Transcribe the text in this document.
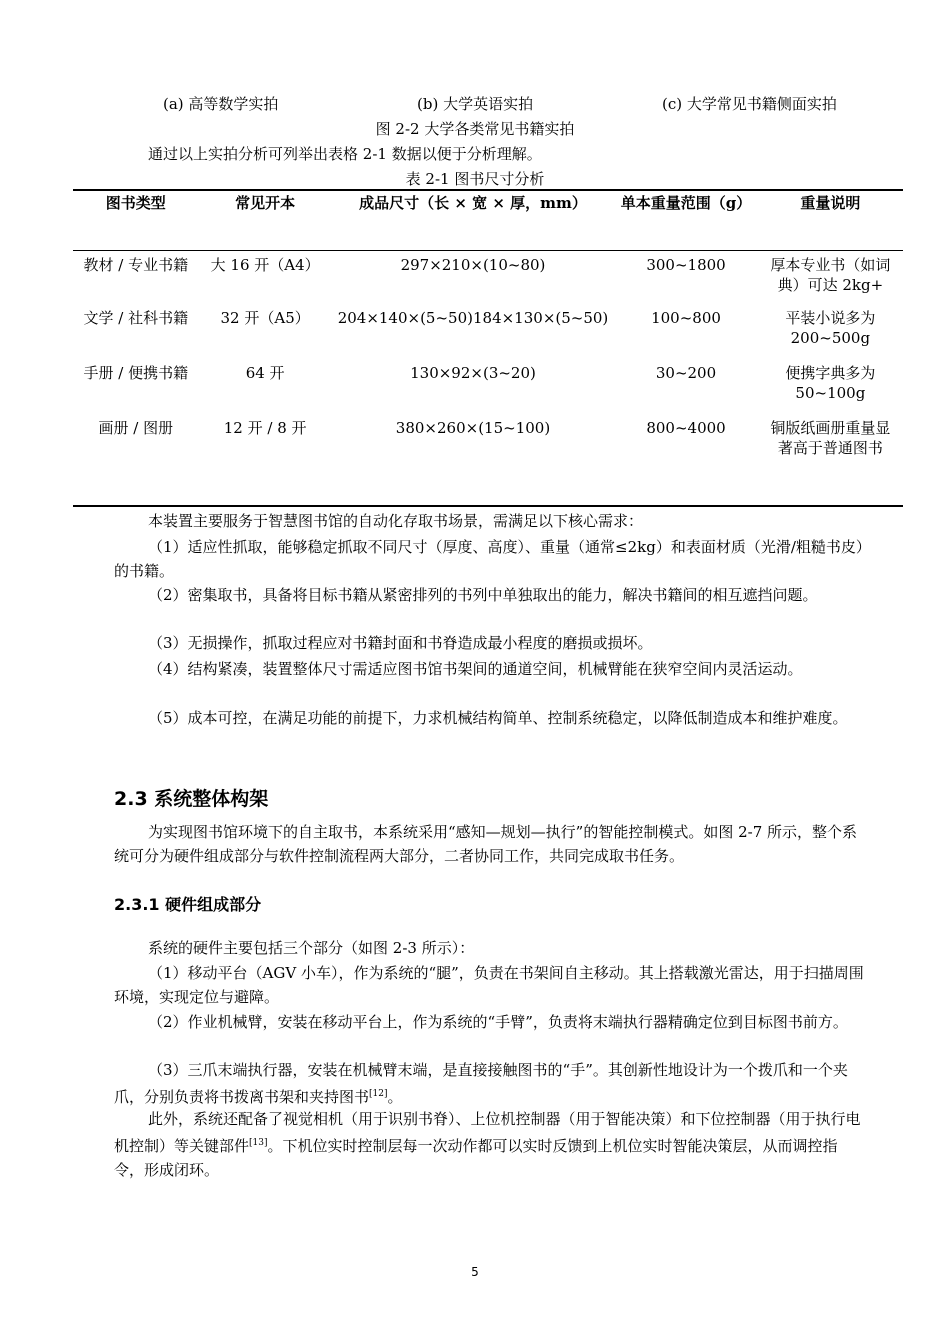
(a) 高等数学实拍	(b) 大学英语实拍	(c) 大学常见书籍侧面实拍
图 2-2 大学各类常见书籍实拍

通过以上实拍分析可列举出表格 2-1 数据以便于分析理解。

表 2-1 图书尺寸分析
图书类型	常见开本	成品尺寸（长 × 宽 × 厚，mm）	单本重量范围（g）	重量说明
教材 / 专业书籍	大 16 开（A4）	297×210×(10~80)	300~1800	厚本专业书（如词典）可达 2kg+
文学 / 社科书籍	32 开（A5）	204×140×(5~50)184×130×(5~50)	100~800	平装小说多为 200~500g
手册 / 便携书籍	64 开	130×92×(3~20)	30~200	便携字典多为 50~100g
画册 / 图册	12 开 / 8 开	380×260×(15~100)	800~4000	铜版纸画册重量显著高于普通图书

本装置主要服务于智慧图书馆的自动化存取书场景，需满足以下核心需求：

（1）适应性抓取，能够稳定抓取不同尺寸（厚度、高度）、重量（通常≤2kg）和表面材质（光滑/粗糙书皮）的书籍。

（2）密集取书，具备将目标书籍从紧密排列的书列中单独取出的能力，解决书籍间的相互遮挡问题。

（3）无损操作，抓取过程应对书籍封面和书脊造成最小程度的磨损或损坏。

（4）结构紧凑，装置整体尺寸需适应图书馆书架间的通道空间，机械臂能在狭窄空间内灵活运动。

（5）成本可控，在满足功能的前提下，力求机械结构简单、控制系统稳定，以降低制造成本和维护难度。

2.3 系统整体构架

为实现图书馆环境下的自主取书，本系统采用“感知—规划—执行”的智能控制模式。如图 2-7 所示，整个系统可分为硬件组成部分与软件控制流程两大部分，二者协同工作，共同完成取书任务。

2.3.1 硬件组成部分

系统的硬件主要包括三个部分（如图 2-3 所示）：

（1）移动平台（AGV 小车），作为系统的“腿”，负责在书架间自主移动。其上搭载激光雷达，用于扫描周围环境，实现定位与避障。

（2）作业机械臂，安装在移动平台上，作为系统的“手臂”，负责将末端执行器精确定位到目标图书前方。

（3）三爪末端执行器，安装在机械臂末端，是直接接触图书的“手”。其创新性地设计为一个拨爪和一个夹爪，分别负责将书拨离书架和夹持图书[12]。

此外，系统还配备了视觉相机（用于识别书脊）、上位机控制器（用于智能决策）和下位控制器（用于执行电机控制）等关键部件[13]。下机位实时控制层每一次动作都可以实时反馈到上机位实时智能决策层，从而调控指令，形成闭环。

5
